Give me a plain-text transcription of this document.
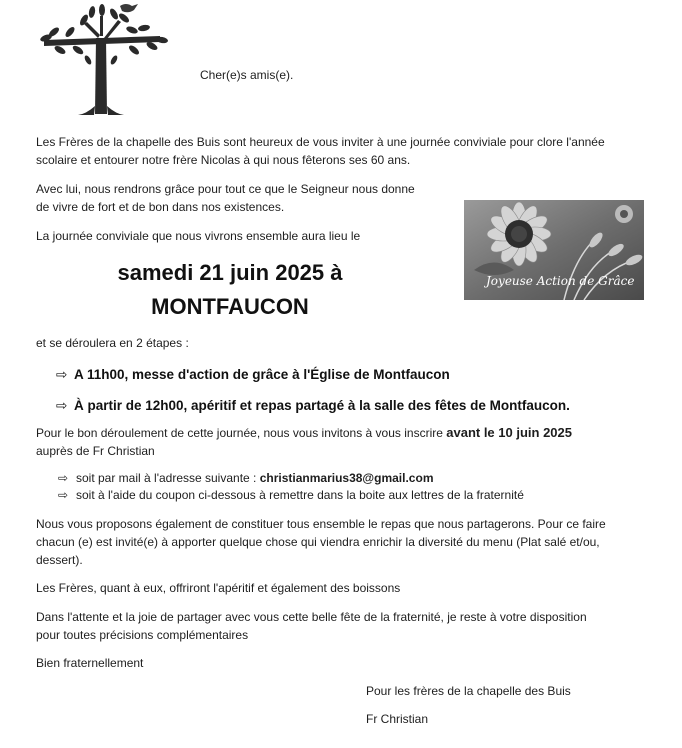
Cher(e)s amis(e).
Les Frères de la chapelle des Buis sont heureux de vous inviter à une journée conviviale pour clore l'année
scolaire et entourer notre frère Nicolas à qui nous fêterons ses 60 ans.
Avec lui, nous rendrons grâce pour tout ce que le Seigneur nous donne
de vivre de fort et de bon dans nos existences.
La journée conviviale que nous vivrons ensemble aura lieu le
Joyeuse Action de Grâce
samedi 21 juin 2025 à
MONTFAUCON
et se déroulera en 2 étapes :
⇨ A 11h00, messe d'action de grâce à l'Église de Montfaucon
⇨ À partir de 12h00, apéritif et repas partagé à la salle des fêtes de Montfaucon.
Pour le bon déroulement de cette journée, nous vous invitons à vous inscrire avant le 10 juin 2025
auprès de Fr Christian
⇨ soit par mail à l'adresse suivante : christianmarius38@gmail.com
⇨ soit à l'aide du coupon ci-dessous à remettre dans la boite aux lettres de la fraternité
Nous vous proposons également de constituer tous ensemble le repas que nous partagerons. Pour ce faire
chacun (e) est invité(e) à apporter quelque chose qui viendra enrichir la diversité du menu (Plat salé et/ou,
dessert).
Les Frères, quant à eux, offriront l'apéritif et également des boissons
Dans l'attente et la joie de partager avec vous cette belle fête de la fraternité, je reste à votre disposition
pour toutes précisions complémentaires
Bien fraternellement
Pour les frères de la chapelle des Buis
Fr Christian
